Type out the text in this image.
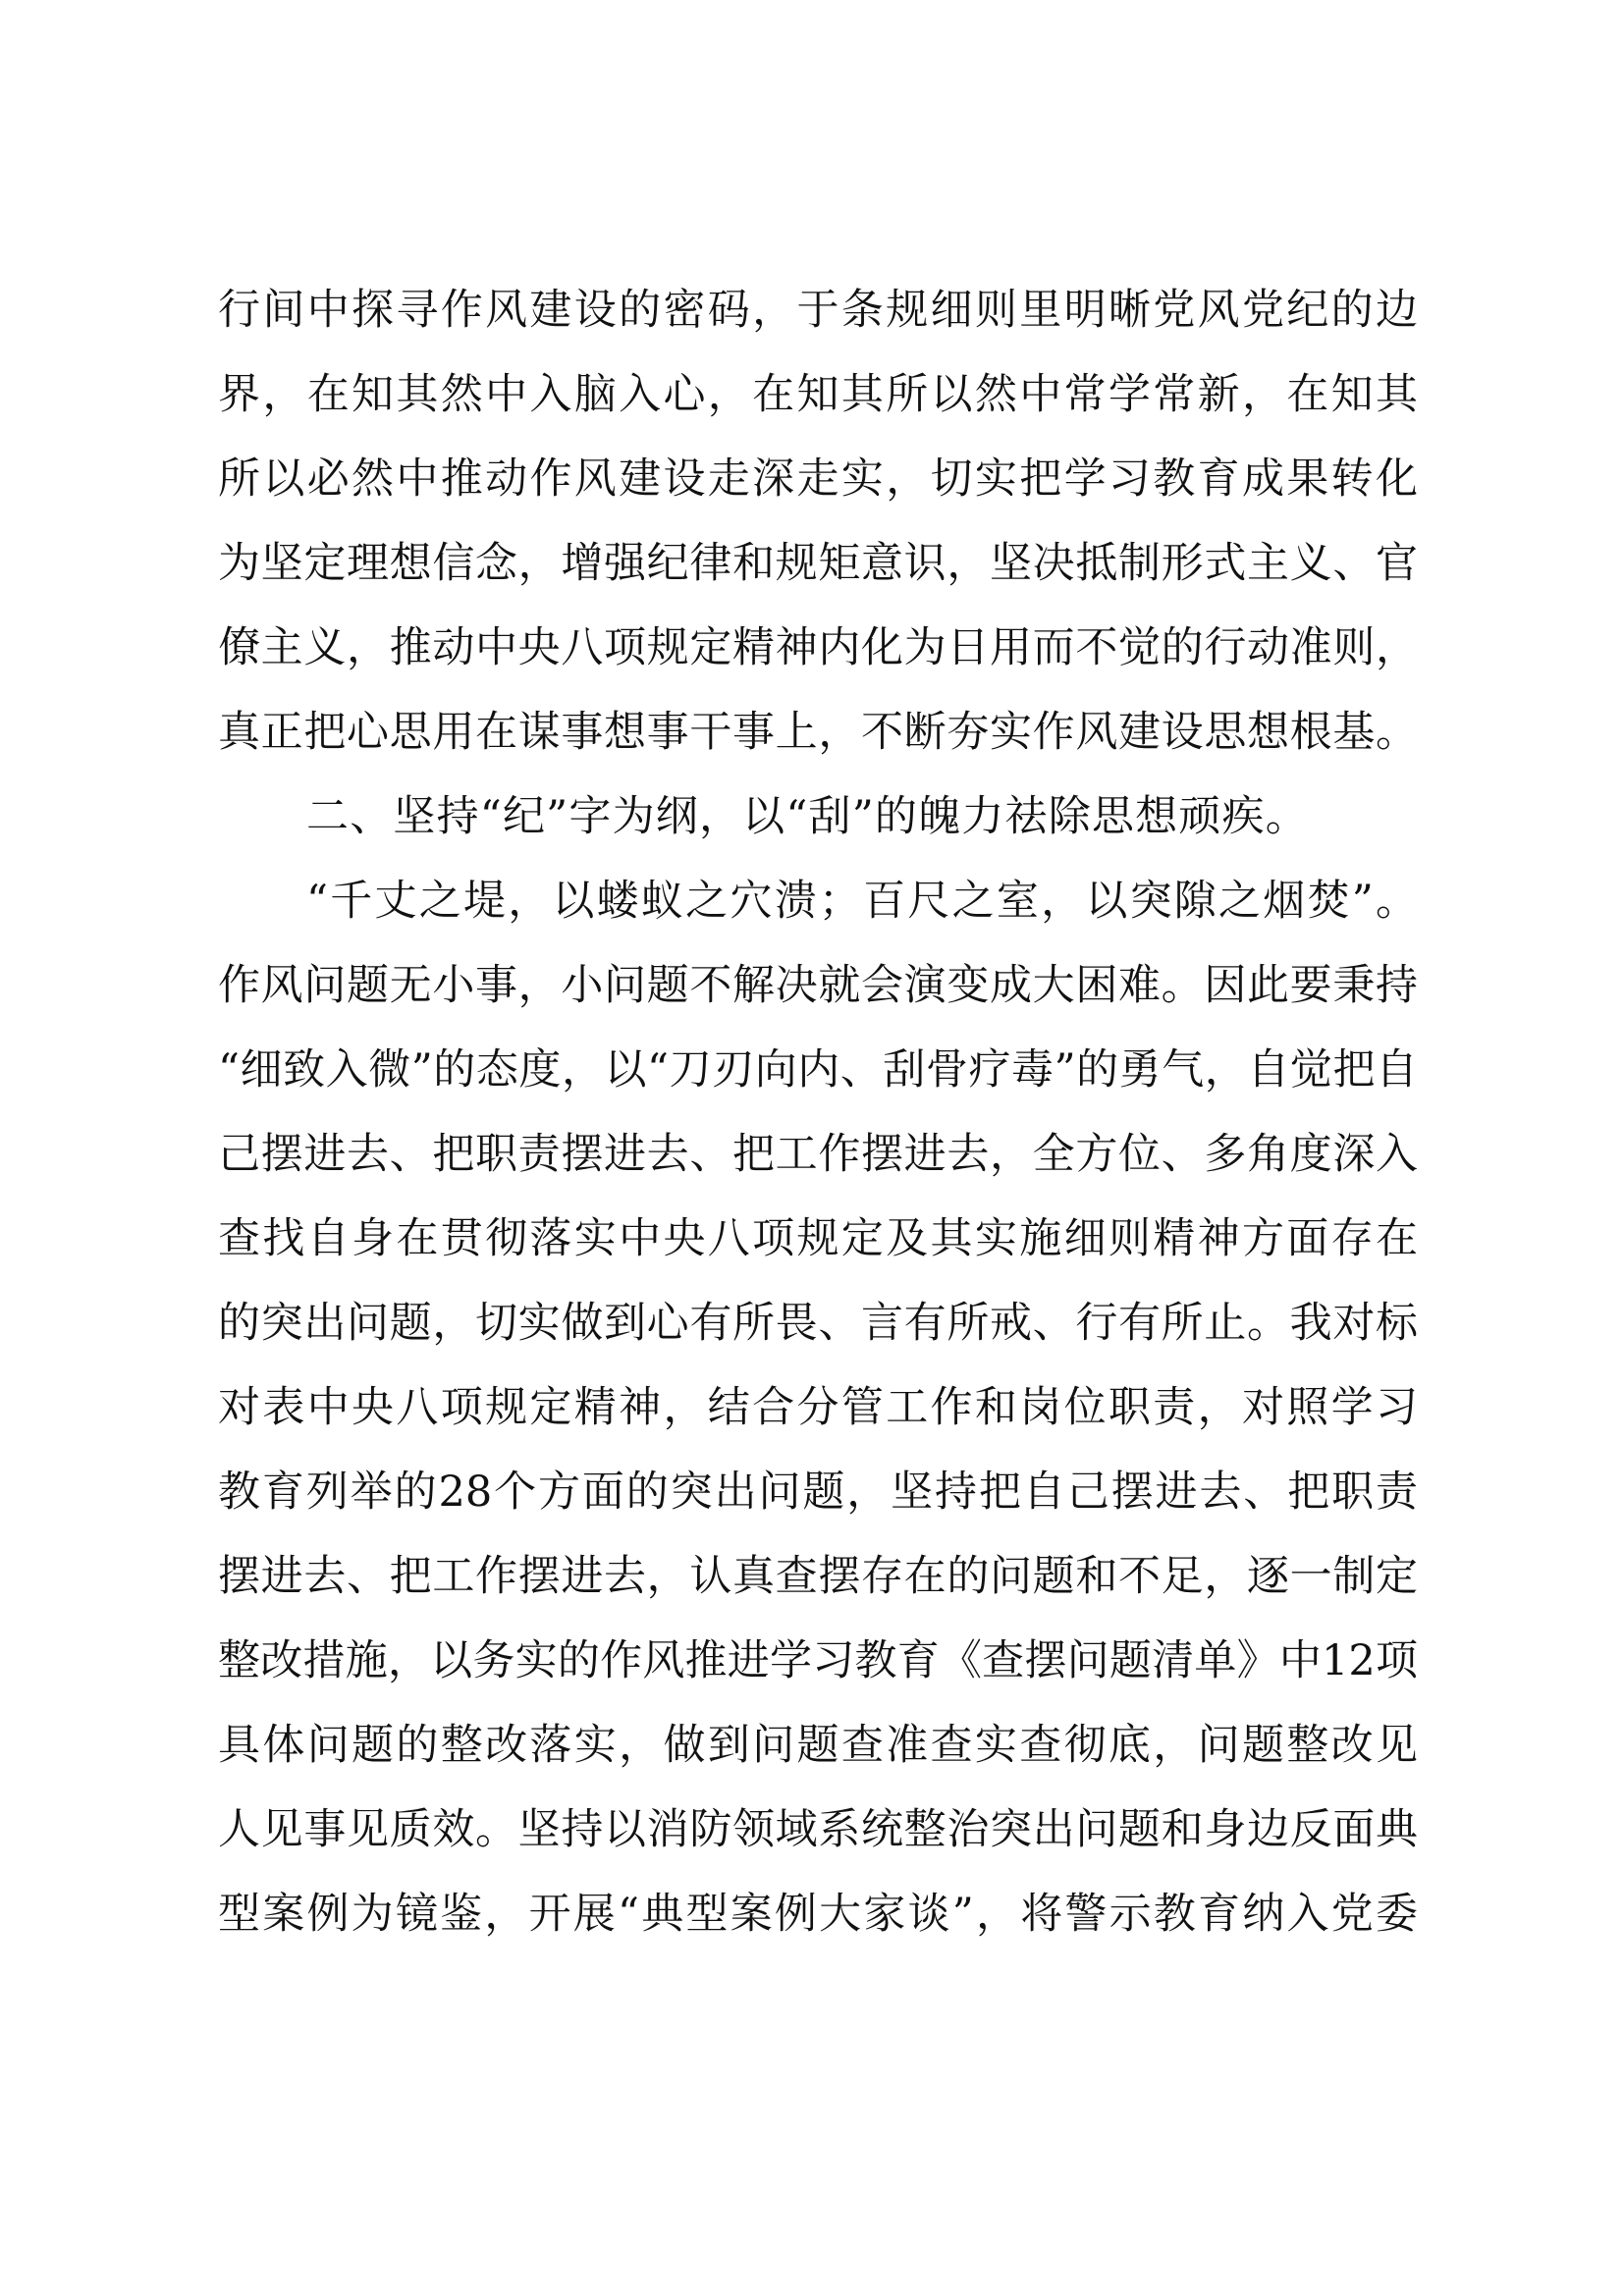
行间中探寻作风建设的密码，于条规细则里明晰党风党纪的边
界，在知其然中入脑入心，在知其所以然中常学常新，在知其
所以必然中推动作风建设走深走实，切实把学习教育成果转化
为坚定理想信念，增强纪律和规矩意识，坚决抵制形式主义、官
僚主义，推动中央八项规定精神内化为日用而不觉的行动准则，
真正把心思用在谋事想事干事上，不断夯实作风建设思想根基。
二、坚持“纪”字为纲，以“刮”的魄力祛除思想顽疾。
“千丈之堤，以蝼蚁之穴溃；百尺之室，以突隙之烟焚”。
作风问题无小事，小问题不解决就会演变成大困难。因此要秉持
“细致入微”的态度，以“刀刃向内、刮骨疗毒”的勇气，自觉把自
己摆进去、把职责摆进去、把工作摆进去，全方位、多角度深入
查找自身在贯彻落实中央八项规定及其实施细则精神方面存在
的突出问题，切实做到心有所畏、言有所戒、行有所止。我对标
对表中央八项规定精神，结合分管工作和岗位职责，对照学习
教育列举的28个方面的突出问题，坚持把自己摆进去、把职责
摆进去、把工作摆进去，认真查摆存在的问题和不足，逐一制定
整改措施，以务实的作风推进学习教育《查摆问题清单》中12项
具体问题的整改落实，做到问题查准查实查彻底，问题整改见
人见事见质效。坚持以消防领域系统整治突出问题和身边反面典
型案例为镜鉴，开展“典型案例大家谈”，将警示教育纳入党委
